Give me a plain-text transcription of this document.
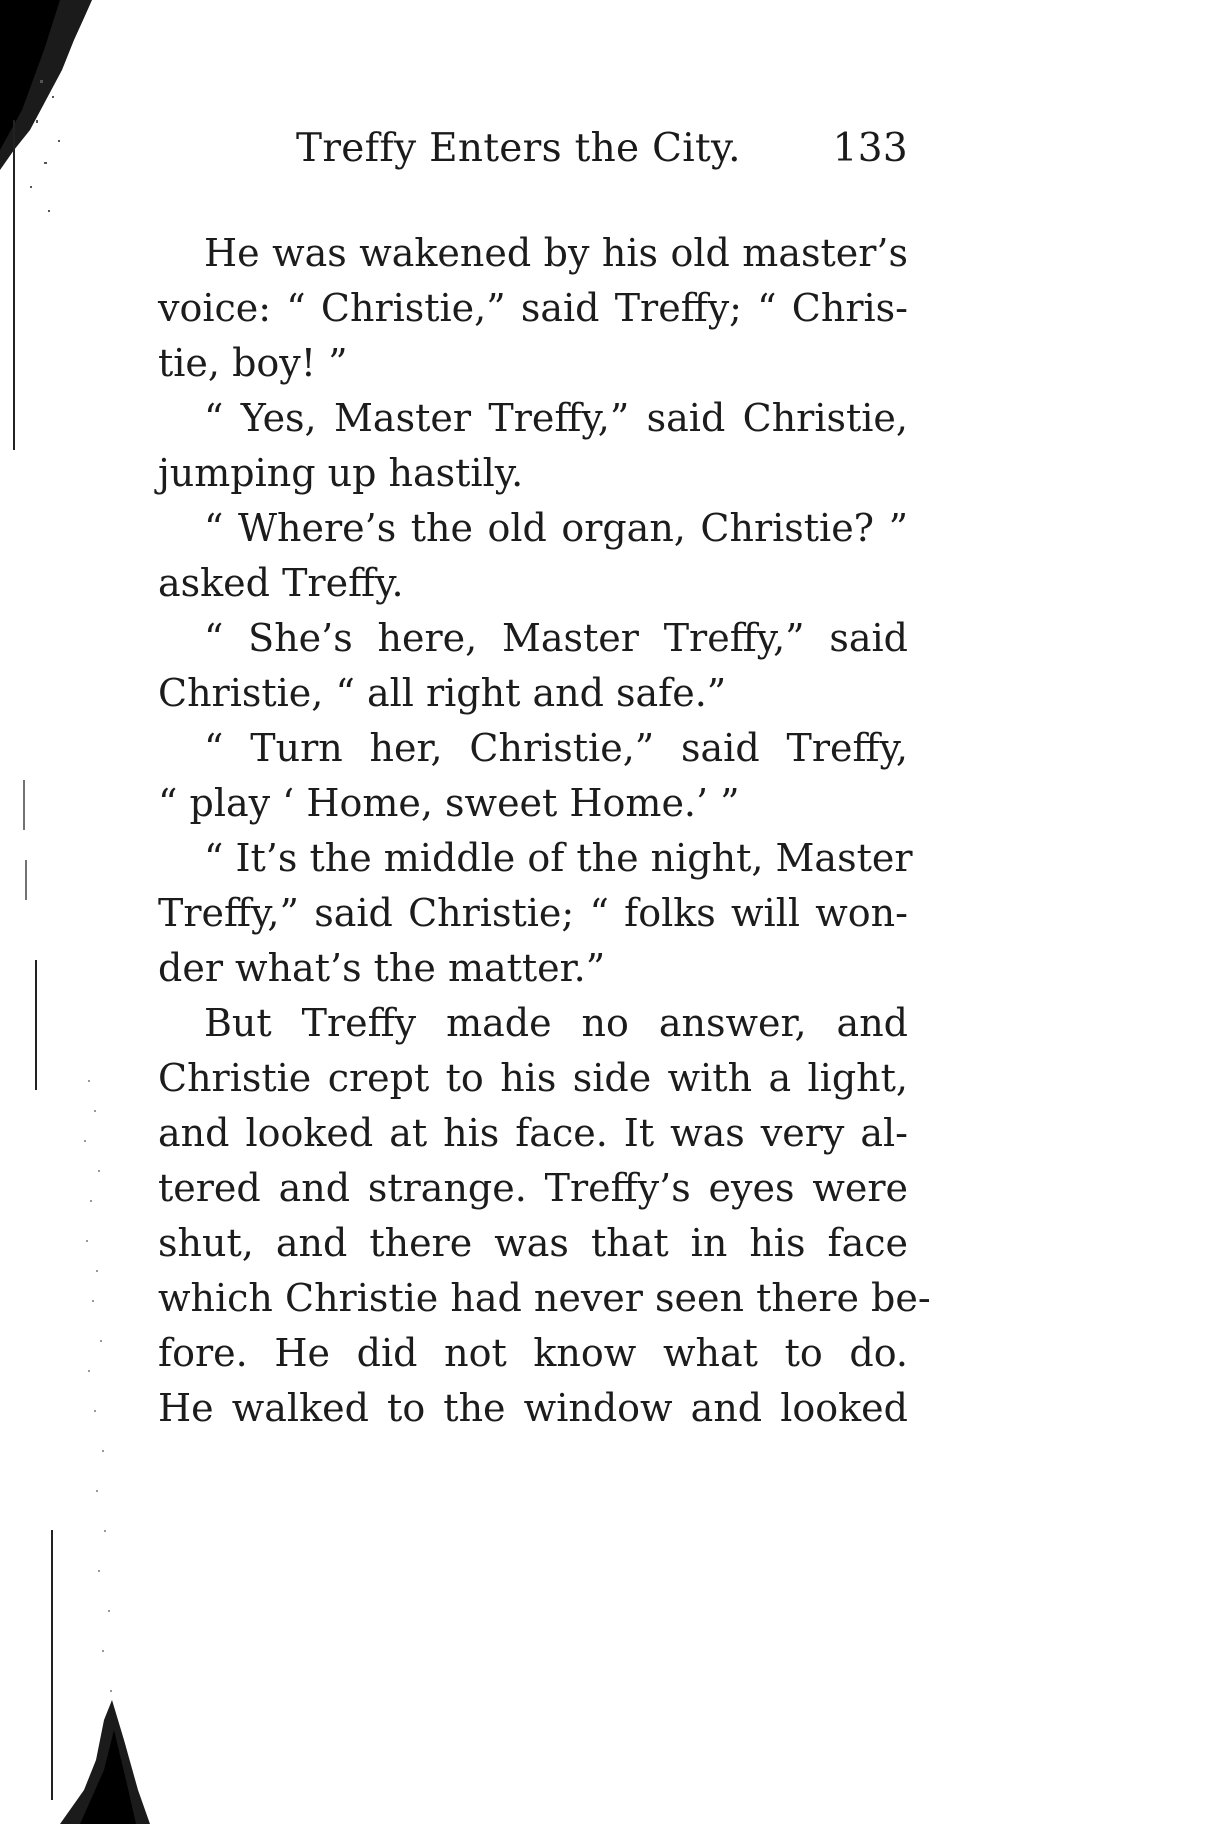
Treffy Enters the City. 133
He was wakened by his old master’s
voice: “ Christie,” said Treffy; “ Chris-
tie, boy! ”
“ Yes, Master Treffy,” said Christie,
jumping up hastily.
“ Where’s the old organ, Christie? ”
asked Treffy.
“ She’s here, Master Treffy,” said
Christie, “ all right and safe.”
“ Turn her, Christie,” said Treffy,
“ play ‘ Home, sweet Home.’ ”
“ It’s the middle of the night, Master
Treffy,” said Christie; “ folks will won-
der what’s the matter.”
But Treffy made no answer, and
Christie crept to his side with a light,
and looked at his face. It was very al-
tered and strange. Treffy’s eyes were
shut, and there was that in his face
which Christie had never seen there be-
fore. He did not know what to do.
He walked to the window and looked
